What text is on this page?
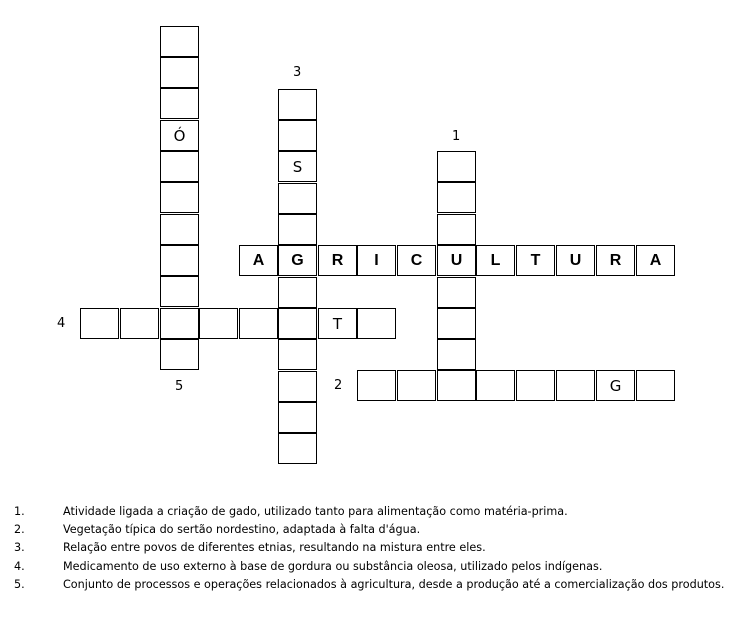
Ó
5
3
S
1
A	G	R	I	C	U	L	T	U	R	A
4	T
2	G
1.	Atividade ligada a criação de gado, utilizado tanto para alimentação como matéria-prima.
2.	Vegetação típica do sertão nordestino, adaptada à falta d'água.
3.	Relação entre povos de diferentes etnias, resultando na mistura entre eles.
4.	Medicamento de uso externo à base de gordura ou substância oleosa, utilizado pelos indígenas.
5.	Conjunto de processos e operações relacionados à agricultura, desde a produção até a comercialização dos produtos.
